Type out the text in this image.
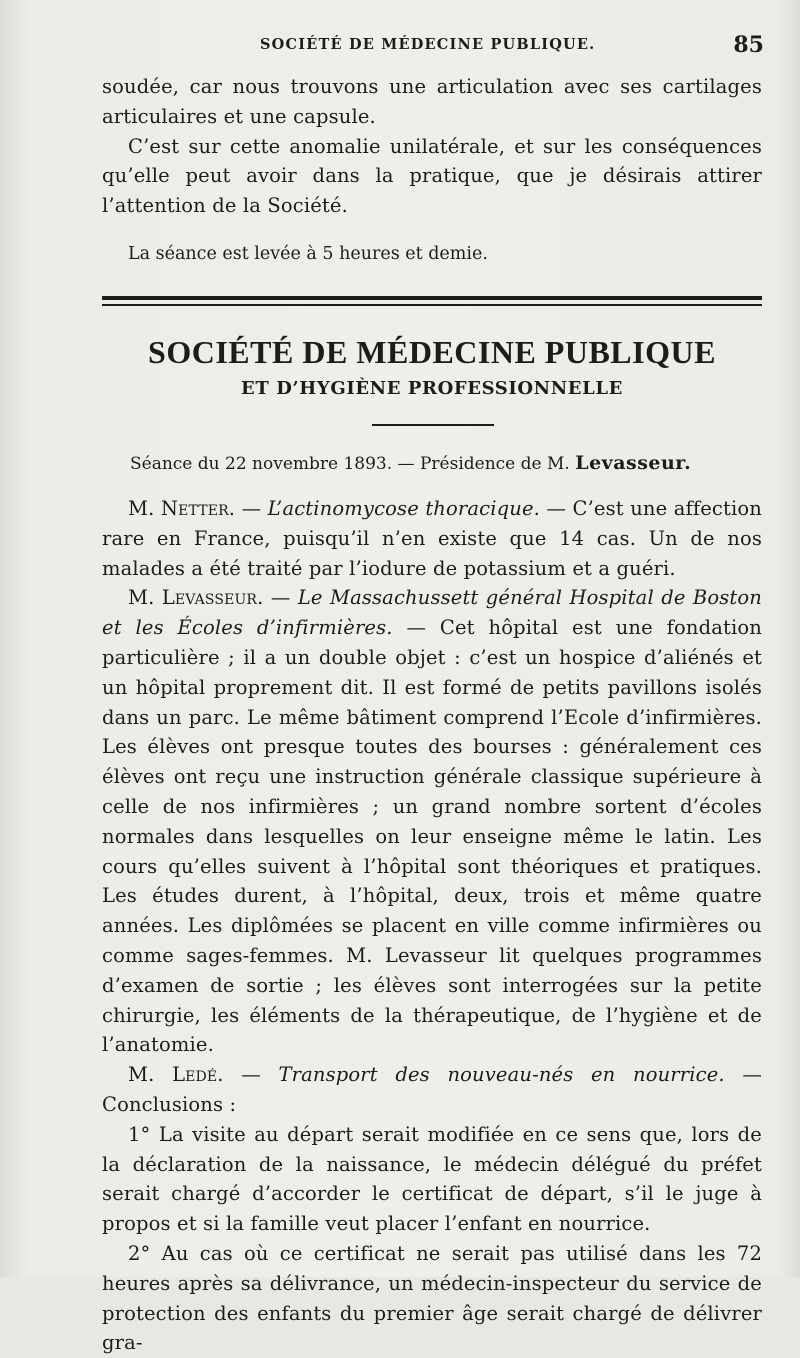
SOCIÉTÉ DE MÉDECINE PUBLIQUE.	85

soudée, car nous trouvons une articulation avec ses cartilages articulaires et une capsule.

C’est sur cette anomalie unilatérale, et sur les conséquences qu’elle peut avoir dans la pratique, que je désirais attirer l’attention de la Société.

La séance est levée à 5 heures et demie.
SOCIÉTÉ DE MÉDECINE PUBLIQUE
ET D’HYGIÈNE PROFESSIONNELLE
Séance du 22 novembre 1893. — Présidence de M. Levasseur.

M. Netter. — L’actinomycose thoracique. — C’est une affection rare en France, puisqu’il n’en existe que 14 cas. Un de nos malades a été traité par l’iodure de potassium et a guéri.

M. Levasseur. — Le Massachussett général Hospital de Boston et les Écoles d’infirmières. — Cet hôpital est une fondation particulière ; il a un double objet : c’est un hospice d’aliénés et un hôpital proprement dit. Il est formé de petits pavillons isolés dans un parc. Le même bâtiment comprend l’Ecole d’infirmières. Les élèves ont presque toutes des bourses : généralement ces élèves ont reçu une instruction générale classique supérieure à celle de nos infirmières ; un grand nombre sortent d’écoles normales dans lesquelles on leur enseigne même le latin. Les cours qu’elles suivent à l’hôpital sont théoriques et pratiques. Les études durent, à l’hôpital, deux, trois et même quatre années. Les diplômées se placent en ville comme infirmières ou comme sages-femmes. M. Levasseur lit quelques programmes d’examen de sortie ; les élèves sont interrogées sur la petite chirurgie, les éléments de la thérapeutique, de l’hygiène et de l’anatomie.

M. Ledé. — Transport des nouveau-nés en nourrice. — Conclusions :

1° La visite au départ serait modifiée en ce sens que, lors de la déclaration de la naissance, le médecin délégué du préfet serait chargé d’accorder le certificat de départ, s’il le juge à propos et si la famille veut placer l’enfant en nourrice.

2° Au cas où ce certificat ne serait pas utilisé dans les 72 heures après sa délivrance, un médecin-inspecteur du service de protection des enfants du premier âge serait chargé de délivrer gra-
